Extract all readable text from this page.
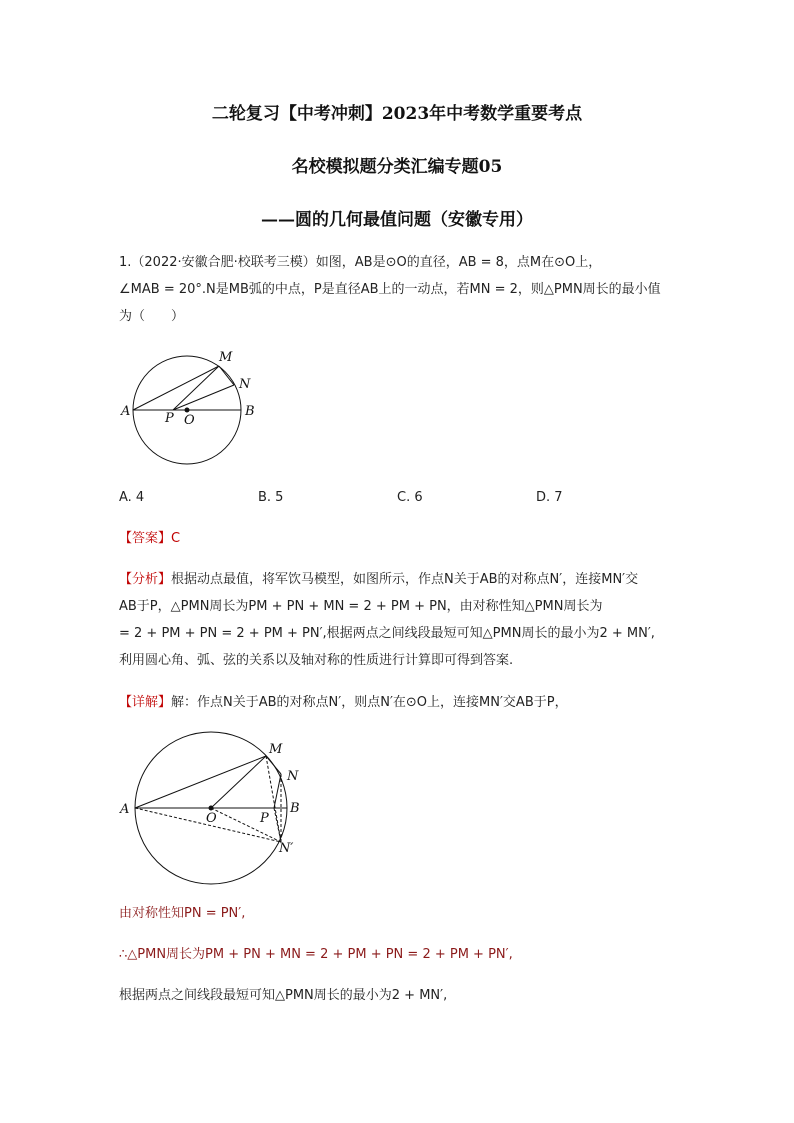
二轮复习【中考冲刺】2023年中考数学重要考点
名校模拟题分类汇编专题05
——圆的几何最值问题（安徽专用）
1.（2022·安徽合肥·校联考三模）如图，AB是⊙O的直径，AB = 8，点M在⊙O上，
∠MAB = 20°.N是MB弧的中点，P是直径AB上的一动点，若MN = 2，则△PMN周长的最小值
为（　　）
A	B
M
N
P O
A. 4	B. 5	C. 6	D. 7
【答案】C
【分析】根据动点最值，将军饮马模型，如图所示，作点N关于AB的对称点N′，连接MN′交
AB于P，△PMN周长为PM + PN + MN = 2 + PM + PN，由对称性知△PMN周长为
= 2 + PM + PN = 2 + PM + PN′,根据两点之间线段最短可知△PMN周长的最小为2 + MN′,
利用圆心角、弧、弦的关系以及轴对称的性质进行计算即可得到答案.
【详解】解：作点N关于AB的对称点N′，则点N′在⊙O上，连接MN′交AB于P，
A	B
M
N
N′
P
O
由对称性知PN = PN′,
∴△PMN周长为PM + PN + MN = 2 + PM + PN = 2 + PM + PN′,
根据两点之间线段最短可知△PMN周长的最小为2 + MN′,
